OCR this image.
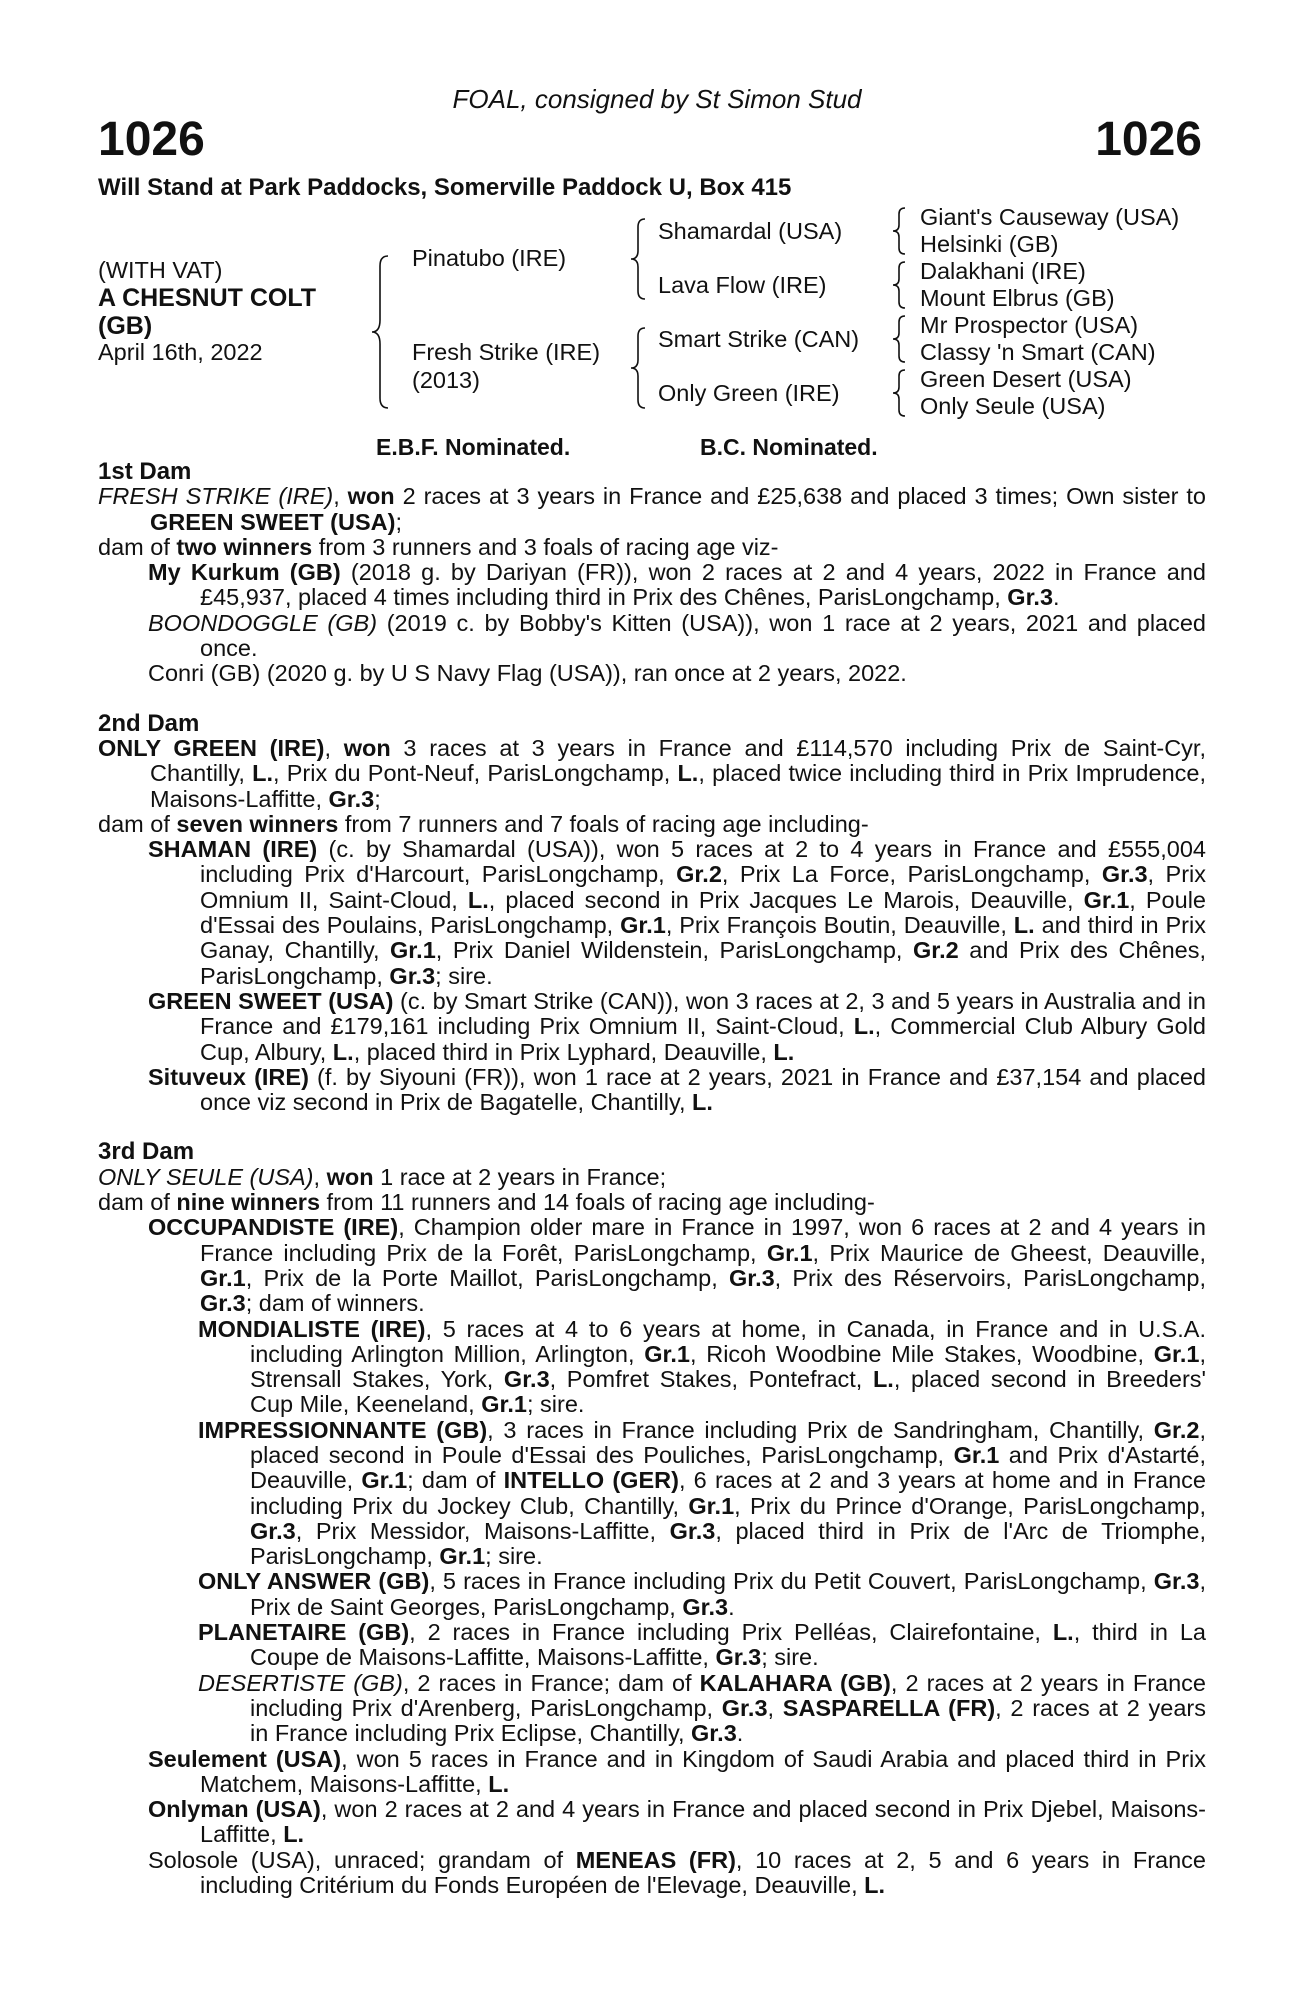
FOAL, consigned by St Simon Stud
1026	1026
Will Stand at Park Paddocks, Somerville Paddock U, Box 415
(WITH VAT)
A CHESNUT COLT
(GB)
April 16th, 2022
Pinatubo (IRE)
Fresh Strike (IRE)
(2013)
Shamardal (USA)
Lava Flow (IRE)
Smart Strike (CAN)
Only Green (IRE)
Giant's Causeway (USA)
Helsinki (GB)
Dalakhani (IRE)
Mount Elbrus (GB)
Mr Prospector (USA)
Classy 'n Smart (CAN)
Green Desert (USA)
Only Seule (USA)
E.B.F. Nominated.	B.C. Nominated.

1st Dam

FRESH STRIKE (IRE), won 2 races at 3 years in France and £25,638 and placed 3 times; Own sister to GREEN SWEET (USA);

dam of two winners from 3 runners and 3 foals of racing age viz-

My Kurkum (GB) (2018 g. by Dariyan (FR)), won 2 races at 2 and 4 years, 2022 in France and £45,937, placed 4 times including third in Prix des Chênes, ParisLongchamp, Gr.3.

BOONDOGGLE (GB) (2019 c. by Bobby's Kitten (USA)), won 1 race at 2 years, 2021 and placed once.

Conri (GB) (2020 g. by U S Navy Flag (USA)), ran once at 2 years, 2022.

2nd Dam

ONLY GREEN (IRE), won 3 races at 3 years in France and £114,570 including Prix de Saint-Cyr, Chantilly, L., Prix du Pont-Neuf, ParisLongchamp, L., placed twice including third in Prix Imprudence, Maisons-Laffitte, Gr.3;

dam of seven winners from 7 runners and 7 foals of racing age including-

SHAMAN (IRE) (c. by Shamardal (USA)), won 5 races at 2 to 4 years in France and £555,004 including Prix d'Harcourt, ParisLongchamp, Gr.2, Prix La Force, ParisLongchamp, Gr.3, Prix Omnium II, Saint-Cloud, L., placed second in Prix Jacques Le Marois, Deauville, Gr.1, Poule d'Essai des Poulains, ParisLongchamp, Gr.1, Prix François Boutin, Deauville, L. and third in Prix Ganay, Chantilly, Gr.1, Prix Daniel Wildenstein, ParisLongchamp, Gr.2 and Prix des Chênes, ParisLongchamp, Gr.3; sire.

GREEN SWEET (USA) (c. by Smart Strike (CAN)), won 3 races at 2, 3 and 5 years in Australia and in France and £179,161 including Prix Omnium II, Saint-Cloud, L., Commercial Club Albury Gold Cup, Albury, L., placed third in Prix Lyphard, Deauville, L.

Situveux (IRE) (f. by Siyouni (FR)), won 1 race at 2 years, 2021 in France and £37,154 and placed once viz second in Prix de Bagatelle, Chantilly, L.

3rd Dam

ONLY SEULE (USA), won 1 race at 2 years in France;

dam of nine winners from 11 runners and 14 foals of racing age including-

OCCUPANDISTE (IRE), Champion older mare in France in 1997, won 6 races at 2 and 4 years in France including Prix de la Forêt, ParisLongchamp, Gr.1, Prix Maurice de Gheest, Deauville, Gr.1, Prix de la Porte Maillot, ParisLongchamp, Gr.3, Prix des Réservoirs, ParisLongchamp, Gr.3; dam of winners.

MONDIALISTE (IRE), 5 races at 4 to 6 years at home, in Canada, in France and in U.S.A. including Arlington Million, Arlington, Gr.1, Ricoh Woodbine Mile Stakes, Woodbine, Gr.1, Strensall Stakes, York, Gr.3, Pomfret Stakes, Pontefract, L., placed second in Breeders' Cup Mile, Keeneland, Gr.1; sire.

IMPRESSIONNANTE (GB), 3 races in France including Prix de Sandringham, Chantilly, Gr.2, placed second in Poule d'Essai des Pouliches, ParisLongchamp, Gr.1 and Prix d'Astarté, Deauville, Gr.1; dam of INTELLO (GER), 6 races at 2 and 3 years at home and in France including Prix du Jockey Club, Chantilly, Gr.1, Prix du Prince d'Orange, ParisLongchamp, Gr.3, Prix Messidor, Maisons-Laffitte, Gr.3, placed third in Prix de l'Arc de Triomphe, ParisLongchamp, Gr.1; sire.

ONLY ANSWER (GB), 5 races in France including Prix du Petit Couvert, ParisLongchamp, Gr.3, Prix de Saint Georges, ParisLongchamp, Gr.3.

PLANETAIRE (GB), 2 races in France including Prix Pelléas, Clairefontaine, L., third in La Coupe de Maisons-Laffitte, Maisons-Laffitte, Gr.3; sire.

DESERTISTE (GB), 2 races in France; dam of KALAHARA (GB), 2 races at 2 years in France including Prix d'Arenberg, ParisLongchamp, Gr.3, SASPARELLA (FR), 2 races at 2 years in France including Prix Eclipse, Chantilly, Gr.3.

Seulement (USA), won 5 races in France and in Kingdom of Saudi Arabia and placed third in Prix Matchem, Maisons-Laffitte, L.

Onlyman (USA), won 2 races at 2 and 4 years in France and placed second in Prix Djebel, Maisons-Laffitte, L.

Solosole (USA), unraced; grandam of MENEAS (FR), 10 races at 2, 5 and 6 years in France including Critérium du Fonds Européen de l'Elevage, Deauville, L.
